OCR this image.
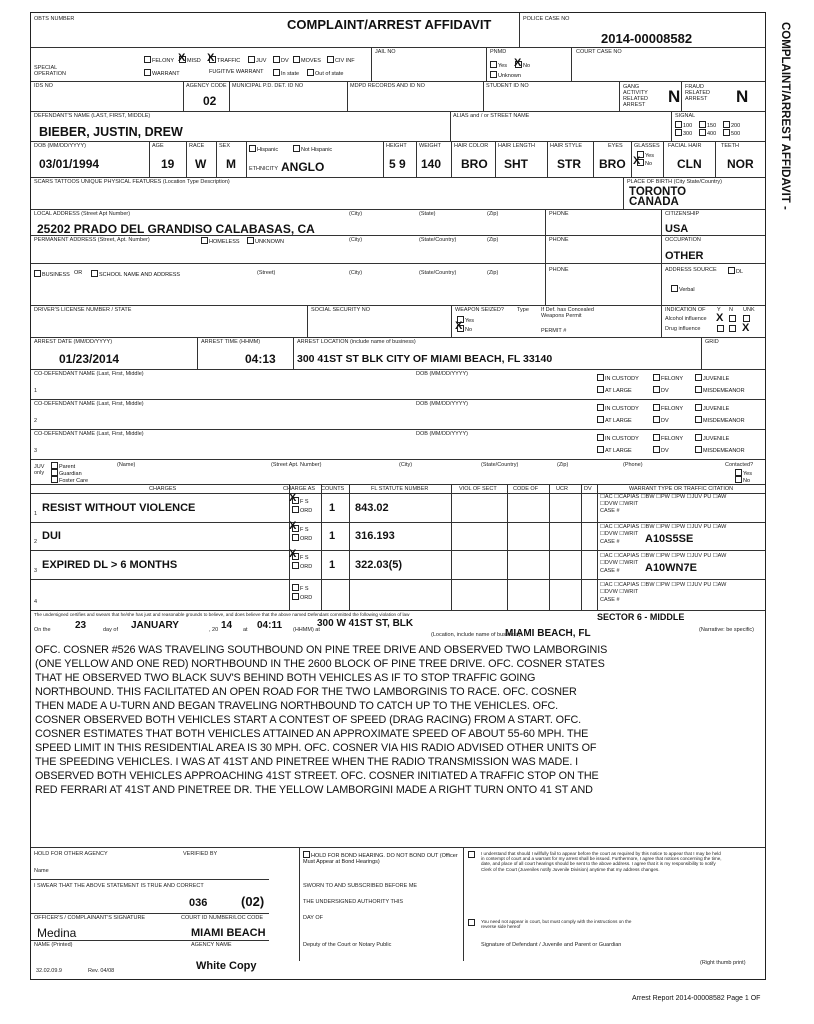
OBTS NUMBER	COMPLAINT/ARREST AFFIDAVIT	POLICE CASE NO
2014-00008582
COURT CASE NO
SPECIAL OPERATION
FELONY	MISD	TRAFFIC	JUV	DV	MOVES	CIV INF
X X
WARRANT	FUGITIVE WARRANT	In state	Out of state
JAIL NO	PNMD
Yes	No
X
Unknown
IDS NO	AGENCY CODE
02
MUNICIPAL P.D. DET. ID NO	MDPD RECORDS AND ID NO	STUDENT ID NO	GANG ACTIVITY RELATED ARREST	N FRAUD RELATED ARREST	N
DEFENDANT'S NAME (LAST, FIRST, MIDDLE)
BIEBER, JUSTIN, DREW
ALIAS and / or STREET NAME	SIGNAL
100	150	200
300	400	500
DOB (MM/DD/YYYY)
03/01/1994
AGE
19
RACE
W
SEX
M
Hispanic	Not Hispanic
ETHNICITY ANGLO
HEIGHT
5 9
WEIGHT
140
HAIR COLOR
BRO
HAIR LENGTH
SHT
HAIR STYLE
STR
EYES
BRO
GLASSES
Yes
No
X
FACIAL HAIR
CLN
TEETH
NOR
SCARS TATTOOS UNIQUE PHYSICAL FEATURES (Location Type Description)	PLACE OF BIRTH (City State/Country)
TORONTO
CANADA
LOCAL ADDRESS (Street Apt Number)	(City)	(State)	(Zip)
25202 PRADO DEL GRANDISO CALABASAS, CA
PHONE	CITIZENSHIP
USA
PERMANENT ADDRESS (Street, Apt. Number)	HOMELESS	UNKNOWN	(City)	(State/Country)	(Zip)	PHONE	OCCUPATION
OTHER
BUSINESS OR	SCHOOL NAME AND ADDRESS	(Street)	(City)	(State/Country)	(Zip)	PHONE	ADDRESS SOURCE	DL
Verbal
DRIVER'S LICENSE NUMBER / STATE	SOCIAL SECURITY NO	WEAPON SEIZED? Type
Yes
No
X
If Def. has Concealed Weapons Permit
PERMIT #
INDICATION OF Y N UNK
Alcohol influence
Drug influence
X
X
ARREST DATE (MM/DD/YYYY)
01/23/2014
ARREST TIME (HHMM)
04:13
ARREST LOCATION (include name of business)
300 41ST ST BLK CITY OF MIAMI BEACH, FL 33140
GRID
CO-DEFENDANT NAME (Last, First, Middle)	DOB (MM/DD/YYYY)
1
IN CUSTODY
AT LARGE
FELONY
DV
JUVENILE
MISDEMEANOR
CO-DEFENDANT NAME (Last, First, Middle)	DOB (MM/DD/YYYY)
2
IN CUSTODY
AT LARGE
FELONY
DV
JUVENILE
MISDEMEANOR
CO-DEFENDANT NAME (Last, First, Middle)	DOB (MM/DD/YYYY)
3
IN CUSTODY
AT LARGE
FELONY
DV
JUVENILE
MISDEMEANOR
JUV only
Parent
Guardian
Foster Care
(Name)	(Street Apt. Number)	(City)	(State/Country)	(Zip)	(Phone)	Contacted?
Yes
No
CHARGES	CHARGE AS COUNTS	FL STATUTE NUMBER	VIOL OF SECT	CODE OF	UCR	DV	WARRANT TYPE OR TRAFFIC CITATION
1 RESIST WITHOUT VIOLENCE	F S
ORD
X
1 843.02
☐AC ☐CAPIAS ☐BW ☐PW ☐PW ☐JUV PU ☐AW
☐DVW ☐WRIT
CASE #
2 DUI	F S
ORD
X
1 316.193
☐AC ☐CAPIAS ☐BW ☐PW ☐PW ☐JUV PU ☐AW
☐DVW ☐WRIT
CASE # A10S5SE
3 EXPIRED DL > 6 MONTHS
F S
ORD
X
1 322.03(5)
☐AC ☐CAPIAS ☐BW ☐PW ☐PW ☐JUV PU ☐AW
☐DVW ☐WRIT
CASE # A10WN7E
4
F S
ORD
☐AC ☐CAPIAS ☐BW ☐PW ☐PW ☐JUV PU ☐AW
☐DVW ☐WRIT
CASE #
The undersigned certifies and swears that he/she has just and reasonable grounds to believe, and does believe that the above named Defendant committed the following violation of law	SECTOR 6 - MIDDLE
On the 23	day of JANUARY	, 20 14 at 04:11 (HHMM) at
300 W 41ST ST, BLK
MIAMI BEACH, FL
(Location, include name of business)
(Narrative: be specific)
OFC. COSNER #526 WAS TRAVELING SOUTHBOUND ON PINE TREE DRIVE AND OBSERVED TWO LAMBORGINIS
(ONE YELLOW AND ONE RED) NORTHBOUND IN THE 2600 BLOCK OF PINE TREE DRIVE. OFC. COSNER STATES
THAT HE OBSERVED TWO BLACK SUV'S BEHIND BOTH VEHICLES AS IF TO STOP TRAFFIC GOING
NORTHBOUND. THIS FACILITATED AN OPEN ROAD FOR THE TWO LAMBORGINIS TO RACE. OFC. COSNER
THEN MADE A U-TURN AND BEGAN TRAVELING NORTHBOUND TO CATCH UP TO THE VEHICLES. OFC.
COSNER OBSERVED BOTH VEHICLES START A CONTEST OF SPEED (DRAG RACING) FROM A START. OFC.
COSNER ESTIMATES THAT BOTH VEHICLES ATTAINED AN APPROXIMATE SPEED OF ABOUT 55-60 MPH. THE
SPEED LIMIT IN THIS RESIDENTIAL AREA IS 30 MPH. OFC. COSNER VIA HIS RADIO ADVISED OTHER UNITS OF
THE SPEEDING VEHICLES. I WAS AT 41ST AND PINETREE WHEN THE RADIO TRANSMISSION WAS MADE. I
OBSERVED BOTH VEHICLES APPROACHING 41ST STREET. OFC. COSNER INITIATED A TRAFFIC STOP ON THE
RED FERRARI AT 41ST AND PINETREE DR. THE YELLOW LAMBORGINI MADE A RIGHT TURN ONTO 41 ST AND
HOLD FOR OTHER AGENCY	VERIFIED BY
Name
HOLD FOR BOND HEARING. DO NOT BOND OUT (Officer Must Appear at Bond Hearings)
I understand that should I willfully fail to appear before the court as required by this notice to appear that I may be held in contempt of court and a warrant for my arrest shall be issued. Furthermore, I agree that notices concerning the time, date, and place of all court hearings should be sent to the above address. I agree that it is my responsibility to notify Clerk of the Court (Juveniles notify Juvenile Division) anytime that my address changes.
You need not appear in court, but must comply with the instructions on the reverse side hereof
I SWEAR THAT THE ABOVE STATEMENT IS TRUE AND CORRECT	SWORN TO AND SUBSCRIBED BEFORE ME
036	(02)	THE UNDERSIGNED AUTHORITY THIS
OFFICER'S / COMPLAINANT'S SIGNATURE	COURT ID NUMBER/LOC CODE	DAY OF
Medina	MIAMI BEACH
NAME (Printed)	AGENCY NAME	Deputy of the Court or Notary Public	Signature of Defendant / Juvenile and Parent or Guardian
COMPLAINT/ARREST AFFIDAVIT -
32.02.09.9	Rev. 04/08	White Copy	(Right thumb print)
Arrest Report 2014-00008582 Page 1 OF
